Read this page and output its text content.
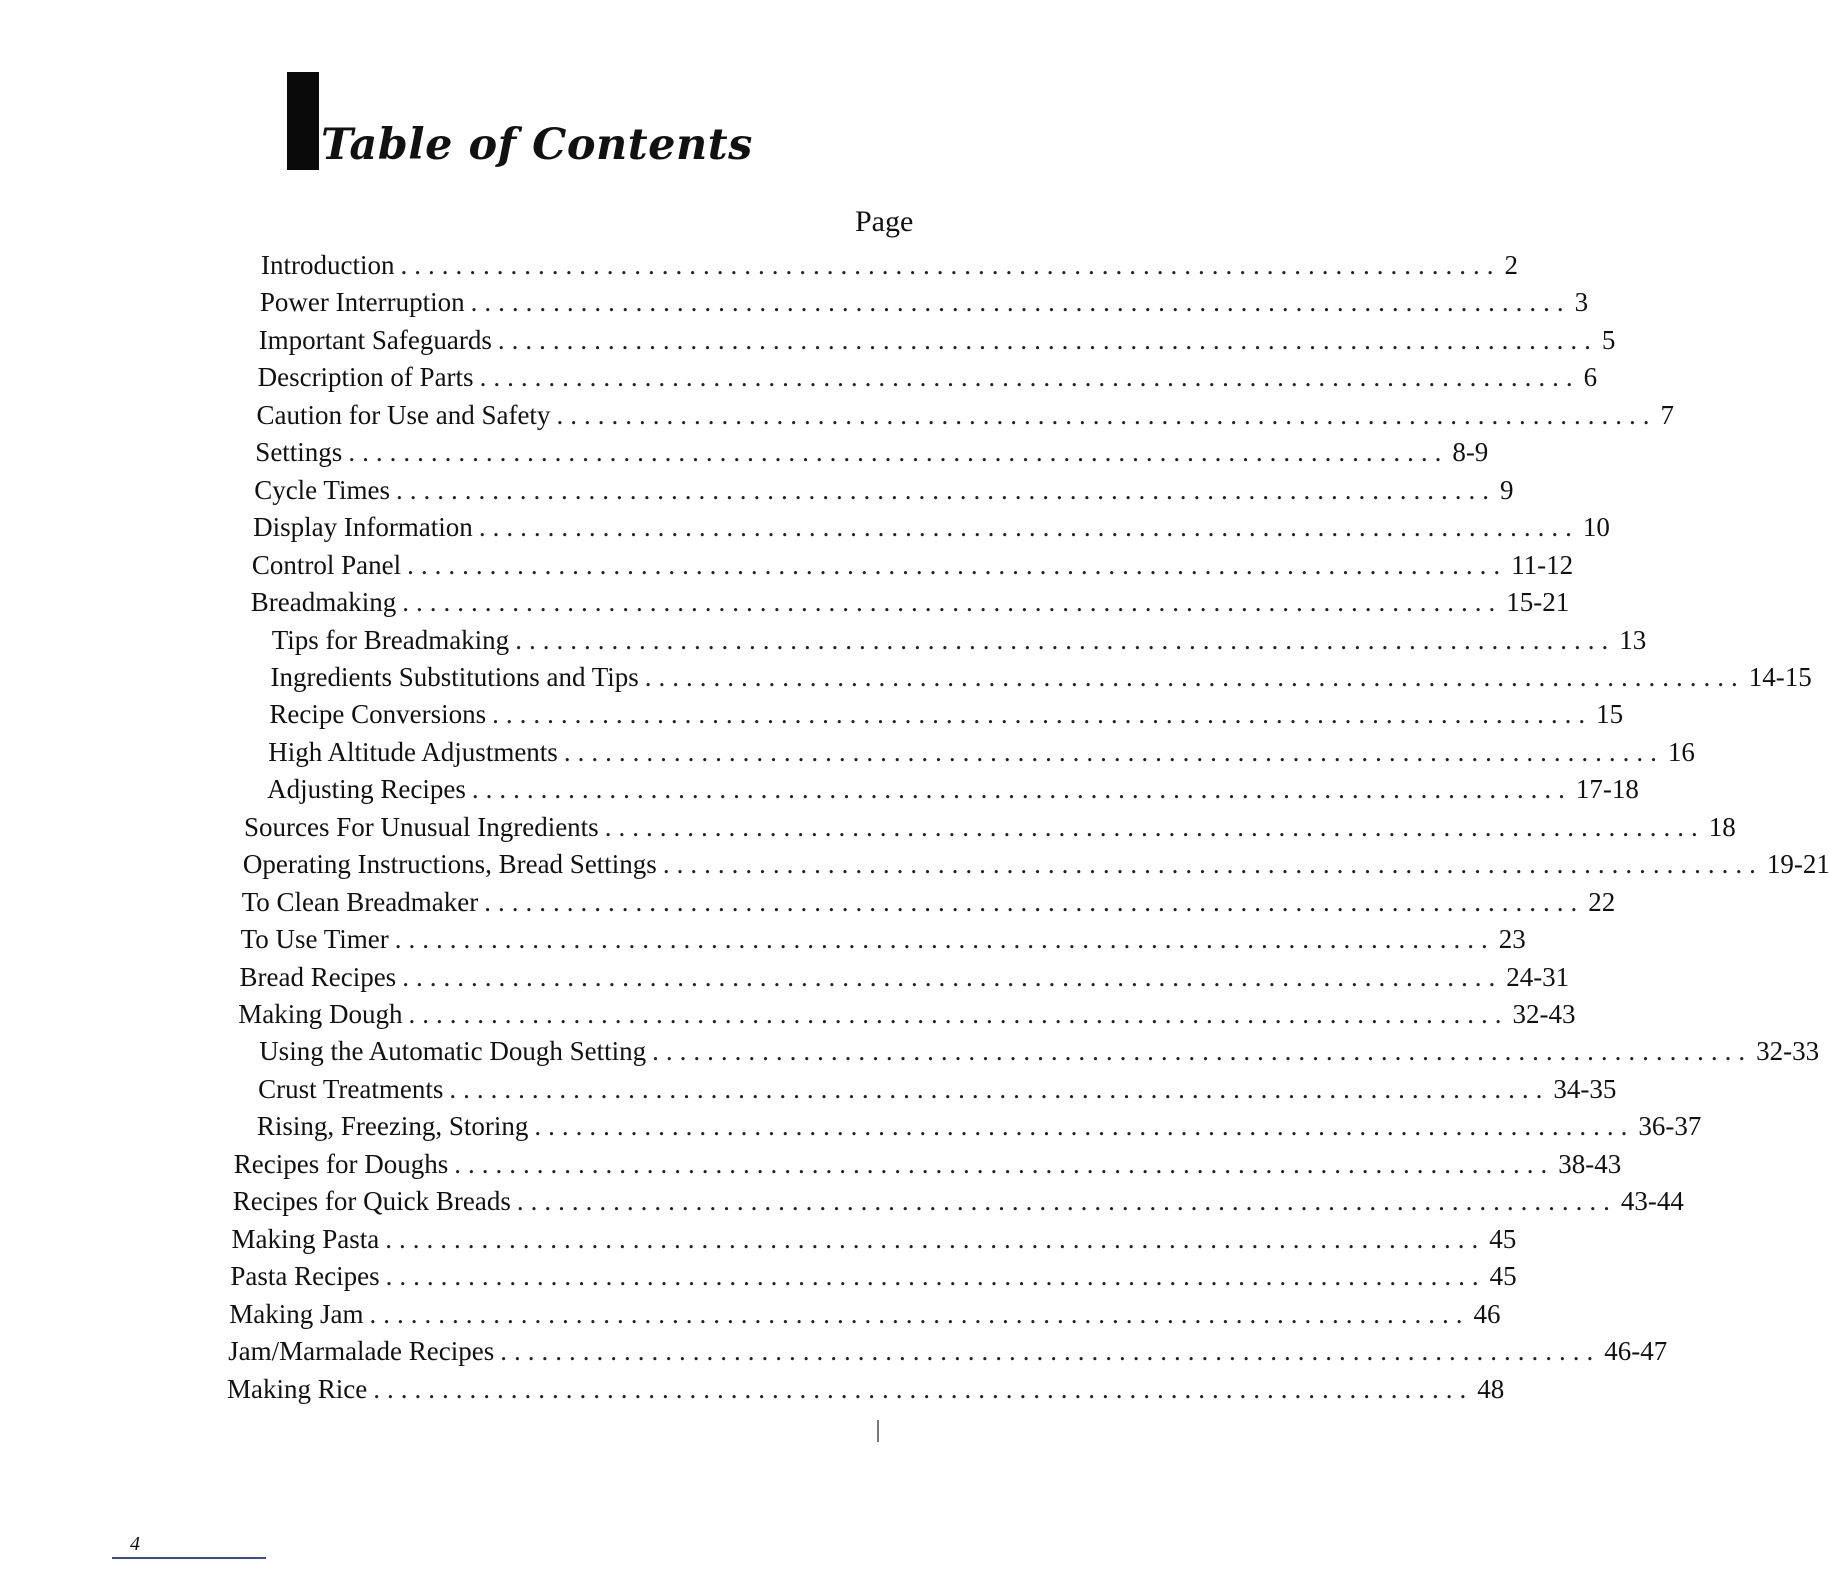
Table of Contents
Page
Introduction ................................................................................ 2
Power Interruption ................................................................................ 3
Important Safeguards ................................................................................ 5
Description of Parts ................................................................................ 6
Caution for Use and Safety ................................................................................ 7
Settings ................................................................................ 8-9
Cycle Times ................................................................................ 9
Display Information ................................................................................ 10
Control Panel ................................................................................ 11-12
Breadmaking ................................................................................ 15-21
Tips for Breadmaking ................................................................................ 13
Ingredients Substitutions and Tips ................................................................................ 14-15
Recipe Conversions ................................................................................ 15
High Altitude Adjustments ................................................................................ 16
Adjusting Recipes ................................................................................ 17-18
Sources For Unusual Ingredients ................................................................................ 18
Operating Instructions, Bread Settings ................................................................................ 19-21
To Clean Breadmaker ................................................................................ 22
To Use Timer ................................................................................ 23
Bread Recipes ................................................................................ 24-31
Making Dough ................................................................................ 32-43
Using the Automatic Dough Setting ................................................................................ 32-33
Crust Treatments ................................................................................ 34-35
Rising, Freezing, Storing ................................................................................ 36-37
Recipes for Doughs ................................................................................ 38-43
Recipes for Quick Breads ................................................................................ 43-44
Making Pasta ................................................................................ 45
Pasta Recipes ................................................................................ 45
Making Jam ................................................................................ 46
Jam/Marmalade Recipes ................................................................................ 46-47
Making Rice ................................................................................ 48
4
